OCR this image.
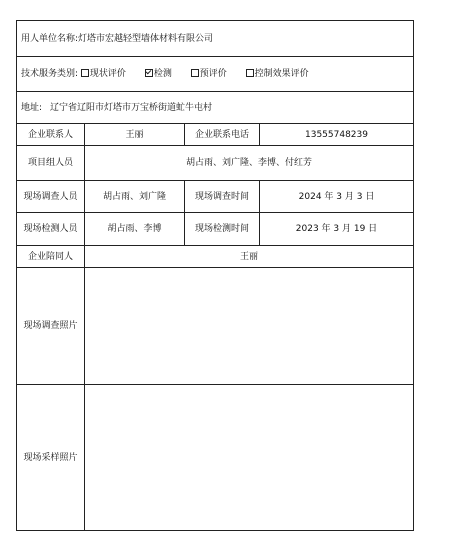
用人单位名称:灯塔市宏越轻型墙体材料有限公司			
技术服务类别: 现状评价 检测 预评价 控制效果评价			
地址: 辽宁省辽阳市灯塔市万宝桥街道虻牛屯村			
企业联系人	王丽	企业联系电话	13555748239
项目组人员	胡占雨、刘广隆、李博、付红芳		
现场调查人员	胡占雨、刘广隆	现场调查时间	2024 年 3 月 3 日
现场检测人员	胡占雨、李博	现场检测时间	2023 年 3 月 19 日
企业陪同人	王丽		
现场调查照片			
现场采样照片			
